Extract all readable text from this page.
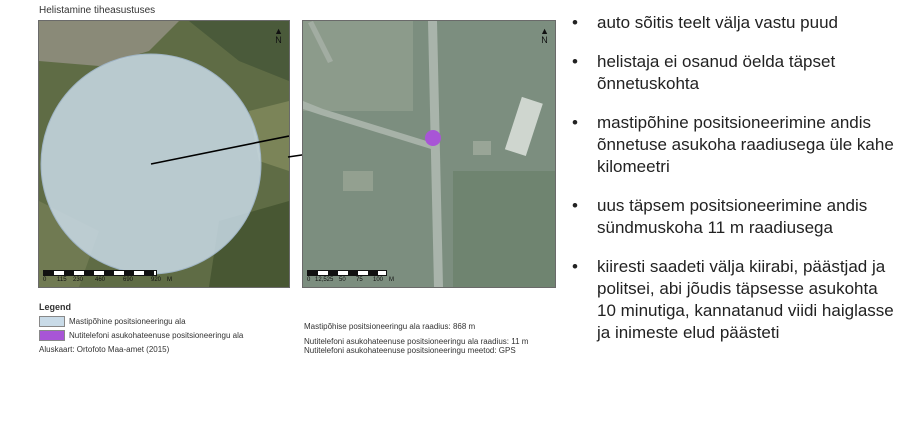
Helistamine tiheasustuses
▲
N
0	115	230	460	690	920 M
▲
N
0 12,525 50	75	100 M
Legend
Mastipõhine positsioneeringu ala
Nutitelefoni asukohateenuse positsioneeringu ala
Aluskaart: Ortofoto Maa-amet (2015)
Mastipõhise positsioneeringu ala raadius: 868 m
Nutitelefoni asukohateenuse positsioneeringu ala raadius: 11 m
Nutitelefoni asukohateenuse positsioneeringu meetod: GPS
• auto sõitis teelt välja vastu puud
• helistaja ei osanud öelda täpset õnnetuskohta
• mastipõhine positsioneerimine andis õnnetuse asukoha raadiusega üle kahe kilomeetri
• uus täpsem positsioneerimine andis sündmuskoha 11 m raadiusega
• kiiresti saadeti välja kiirabi, päästjad ja politsei, abi jõudis täpsesse asukohta 10 minutiga, kannatanud viidi haiglasse ja inimeste elud päästeti
